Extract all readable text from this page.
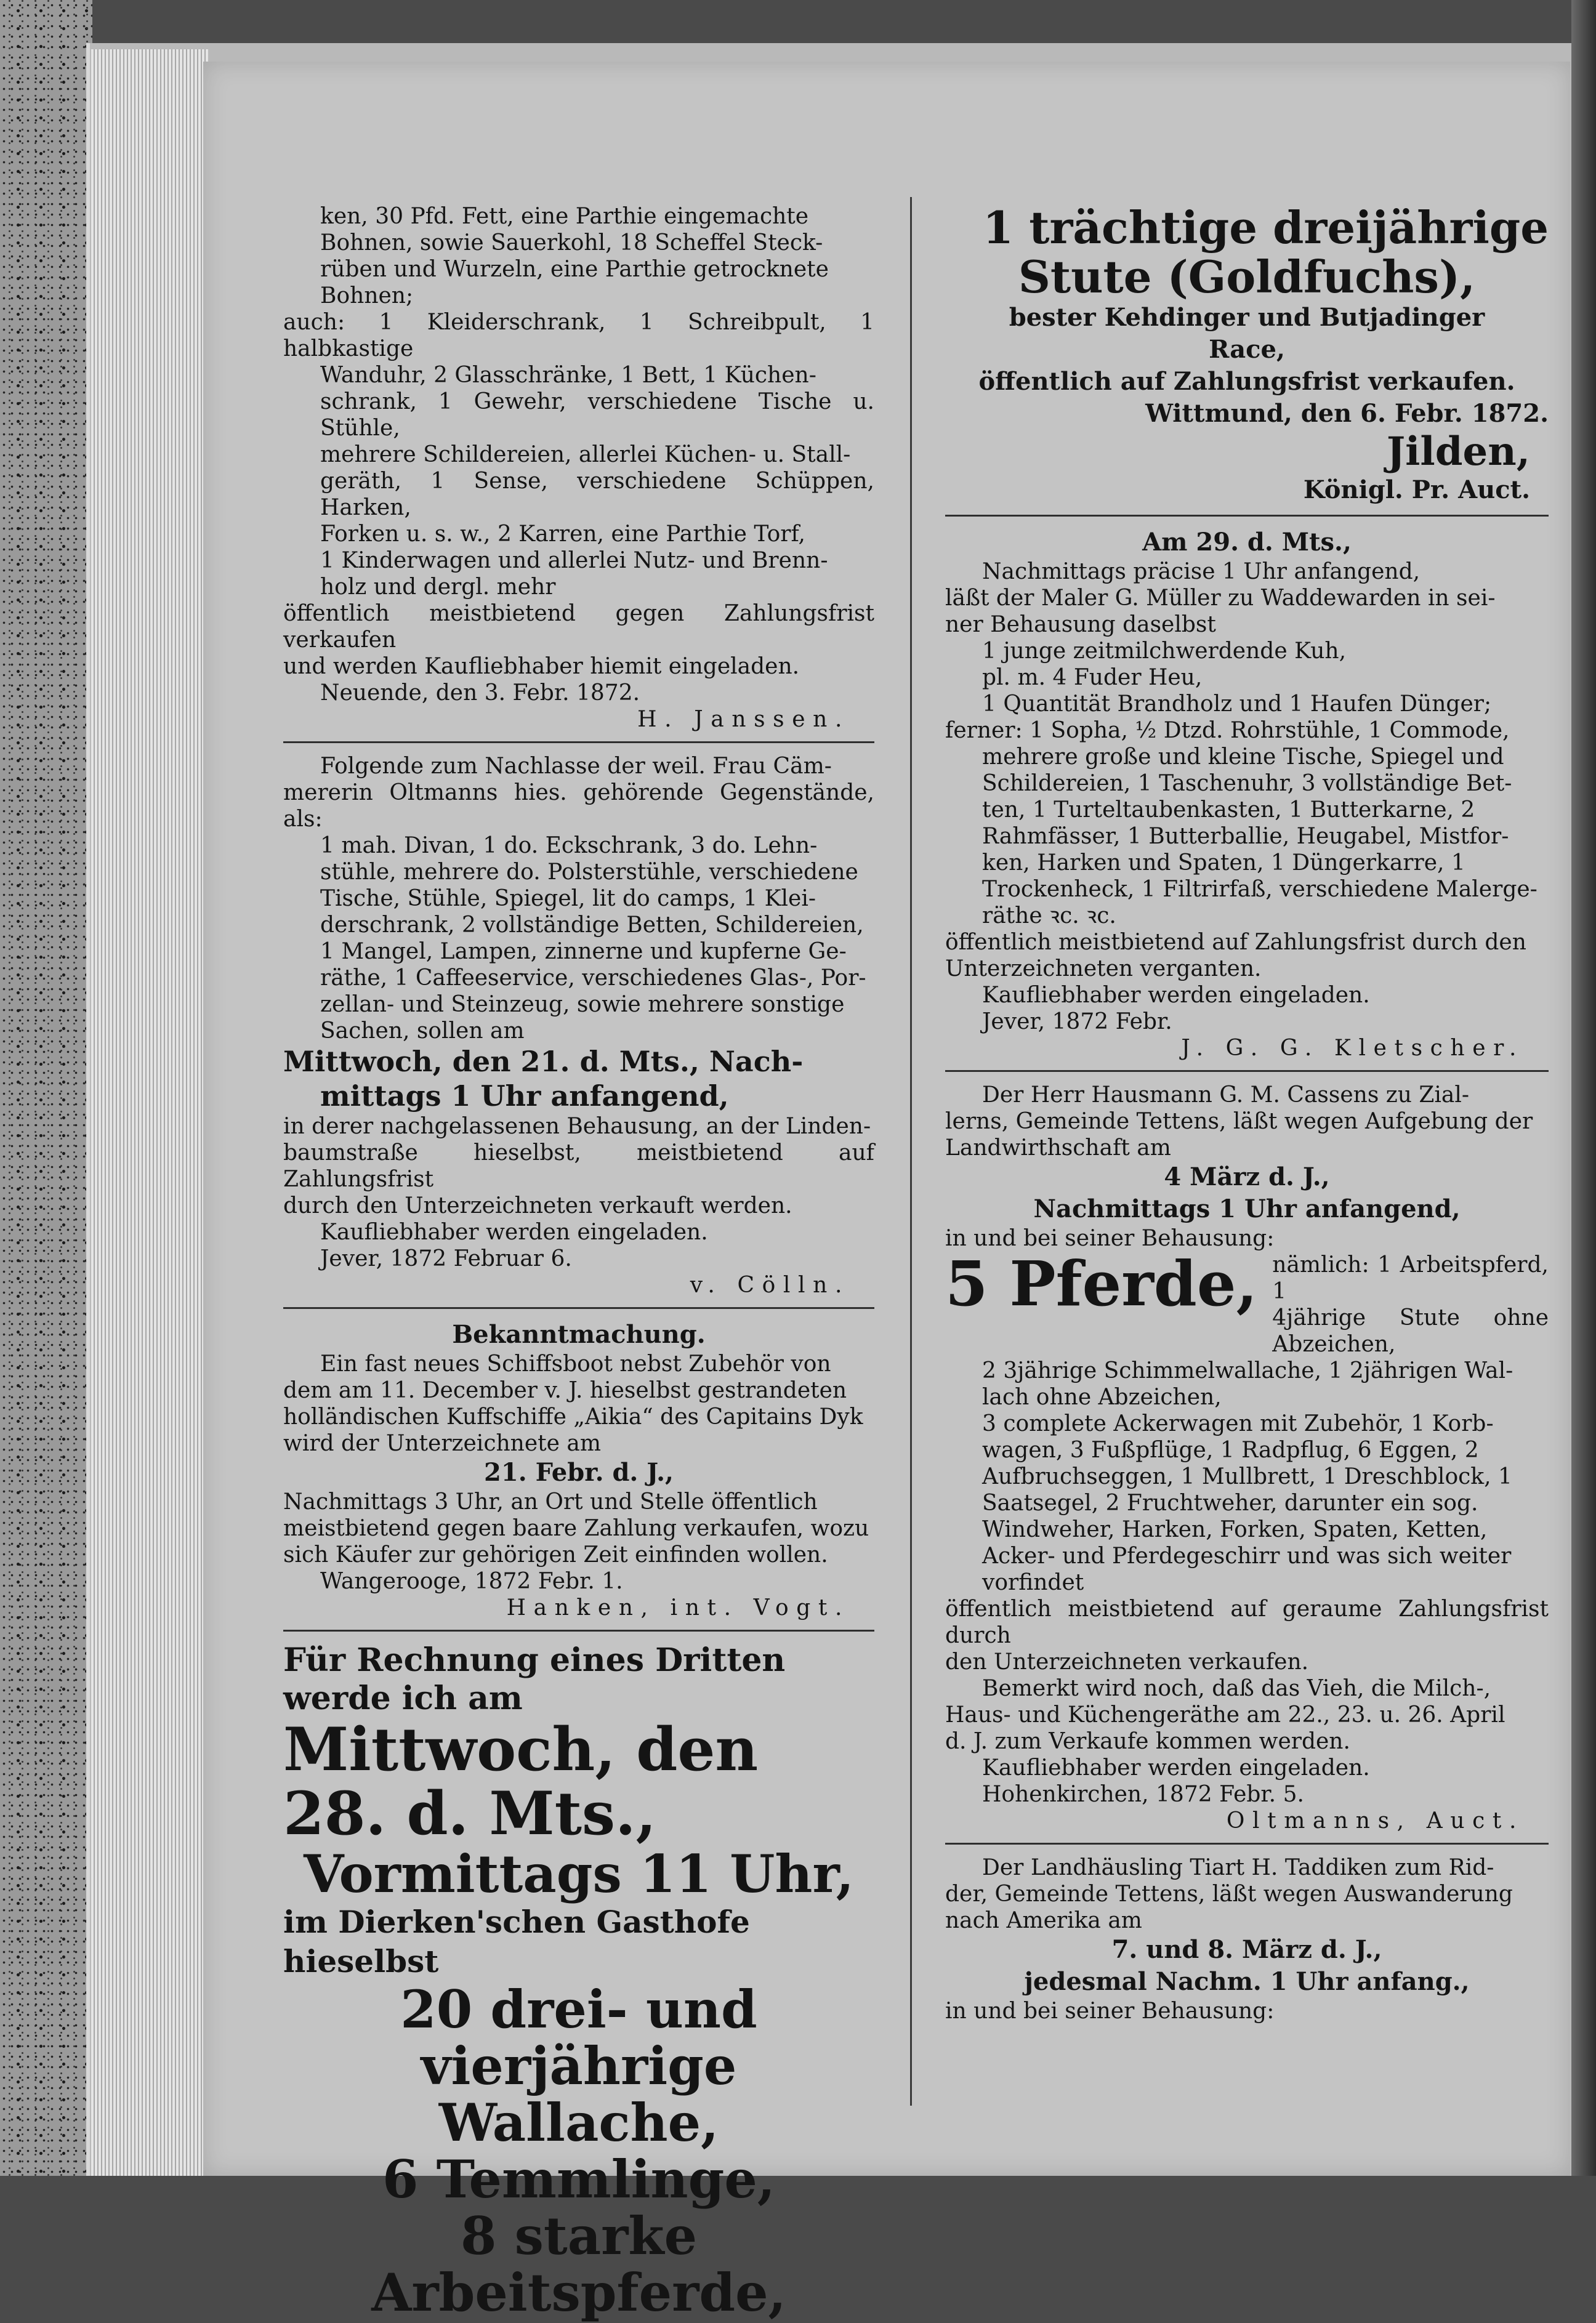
ken, 30 Pfd. Fett, eine Parthie eingemachte

Bohnen, sowie Sauerkohl, 18 Scheffel Steck-

rüben und Wurzeln, eine Parthie getrocknete

Bohnen;

auch: 1 Kleiderschrank, 1 Schreibpult, 1 halbkastige

Wanduhr, 2 Glasschränke, 1 Bett, 1 Küchen-

schrank, 1 Gewehr, verschiedene Tische u. Stühle,

mehrere Schildereien, allerlei Küchen- u. Stall-

geräth, 1 Sense, verschiedene Schüppen, Harken,

Forken u. s. w., 2 Karren, eine Parthie Torf,

1 Kinderwagen und allerlei Nutz- und Brenn-

holz und dergl. mehr

öffentlich meistbietend gegen Zahlungsfrist verkaufen

und werden Kaufliebhaber hiemit eingeladen.

Neuende, den 3. Febr. 1872.

H. Janssen.

Folgende zum Nachlasse der weil. Frau Cäm-

mererin Oltmanns hies. gehörende Gegenstände, als:

1 mah. Divan, 1 do. Eckschrank, 3 do. Lehn-

stühle, mehrere do. Polsterstühle, verschiedene

Tische, Stühle, Spiegel, lit do camps, 1 Klei-

derschrank, 2 vollständige Betten, Schildereien,

1 Mangel, Lampen, zinnerne und kupferne Ge-

räthe, 1 Caffeeservice, verschiedenes Glas-, Por-

zellan- und Steinzeug, sowie mehrere sonstige

Sachen, sollen am

Mittwoch, den 21. d. Mts., Nach-

mittags 1 Uhr anfangend,

in derer nachgelassenen Behausung, an der Linden-

baumstraße hieselbst, meistbietend auf Zahlungsfrist

durch den Unterzeichneten verkauft werden.

Kaufliebhaber werden eingeladen.

Jever, 1872 Februar 6.

v. Cölln.

Bekanntmachung.

Ein fast neues Schiffsboot nebst Zubehör von

dem am 11. December v. J. hieselbst gestrandeten

holländischen Kuffschiffe „Aikia“ des Capitains Dyk

wird der Unterzeichnete am

21. Febr. d. J.,

Nachmittags 3 Uhr, an Ort und Stelle öffentlich

meistbietend gegen baare Zahlung verkaufen, wozu

sich Käufer zur gehörigen Zeit einfinden wollen.

Wangerooge, 1872 Febr. 1.

Hanken, int. Vogt.

Für Rechnung eines Dritten

werde ich am

Mittwoch, den 28. d. Mts.,

Vormittags 11 Uhr,

im Dierken'schen Gasthofe hieselbst

20 drei- und vierjährige

Wallache,

6 Temmlinge,

8 starke Arbeitspferde,

1 trächtige dreijährige

Stute (Goldfuchs),

bester Kehdinger und Butjadinger

Race,

öffentlich auf Zahlungsfrist verkaufen.

Wittmund, den 6. Febr. 1872.

Jilden,

Königl. Pr. Auct.

Am 29. d. Mts.,

Nachmittags präcise 1 Uhr anfangend,

läßt der Maler G. Müller zu Waddewarden in sei-

ner Behausung daselbst

1 junge zeitmilchwerdende Kuh,

pl. m. 4 Fuder Heu,

1 Quantität Brandholz und 1 Haufen Dünger;

ferner: 1 Sopha, ½ Dtzd. Rohrstühle, 1 Commode,

mehrere große und kleine Tische, Spiegel und

Schildereien, 1 Taschenuhr, 3 vollständige Bet-

ten, 1 Turteltaubenkasten, 1 Butterkarne, 2

Rahmfässer, 1 Butterballie, Heugabel, Mistfor-

ken, Harken und Spaten, 1 Düngerkarre, 1

Trockenheck, 1 Filtrirfaß, verschiedene Malerge-

räthe ꝛc. ꝛc.

öffentlich meistbietend auf Zahlungsfrist durch den

Unterzeichneten verganten.

Kaufliebhaber werden eingeladen.

Jever, 1872 Febr.

J. G. G. Kletscher.

Der Herr Hausmann G. M. Cassens zu Zial-

lerns, Gemeinde Tettens, läßt wegen Aufgebung der

Landwirthschaft am

4 März d. J.,

Nachmittags 1 Uhr anfangend,

in und bei seiner Behausung:

5 Pferde, nämlich: 1 Arbeitspferd, 1

4jährige Stute ohne Abzeichen,

2 3jährige Schimmelwallache, 1 2jährigen Wal-

lach ohne Abzeichen,

3 complete Ackerwagen mit Zubehör, 1 Korb-

wagen, 3 Fußpflüge, 1 Radpflug, 6 Eggen, 2

Aufbruchseggen, 1 Mullbrett, 1 Dreschblock, 1

Saatsegel, 2 Fruchtweher, darunter ein sog.

Windweher, Harken, Forken, Spaten, Ketten,

Acker- und Pferdegeschirr und was sich weiter

vorfindet

öffentlich meistbietend auf geraume Zahlungsfrist durch

den Unterzeichneten verkaufen.

Bemerkt wird noch, daß das Vieh, die Milch-,

Haus- und Küchengeräthe am 22., 23. u. 26. April

d. J. zum Verkaufe kommen werden.

Kaufliebhaber werden eingeladen.

Hohenkirchen, 1872 Febr. 5.

Oltmanns, Auct.

Der Landhäusling Tiart H. Taddiken zum Rid-

der, Gemeinde Tettens, läßt wegen Auswanderung

nach Amerika am

7. und 8. März d. J.,

jedesmal Nachm. 1 Uhr anfang.,

in und bei seiner Behausung:
